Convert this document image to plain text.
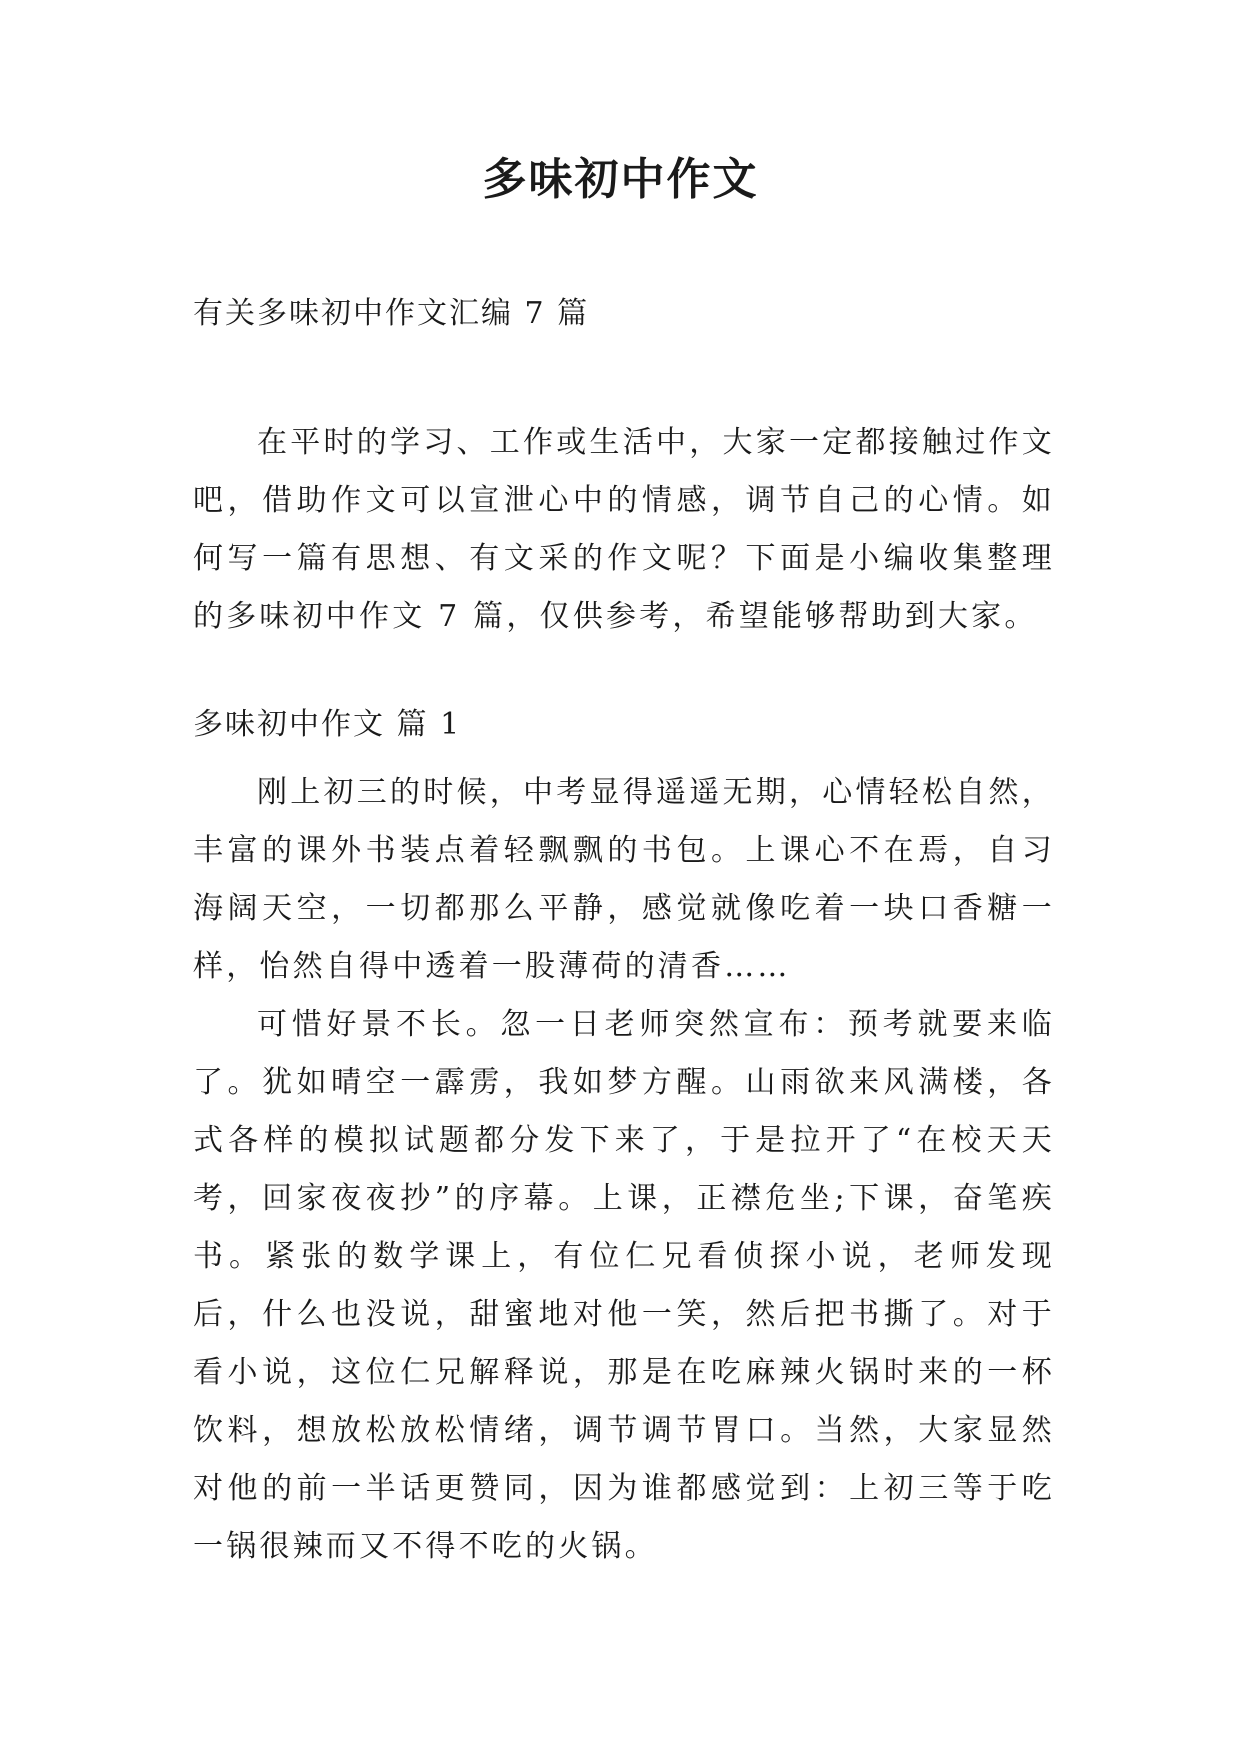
多味初中作文
有关多味初中作文汇编 7 篇

在平时的学习、工作或生活中，大家一定都接触过作文吧，借助作文可以宣泄心中的情感，调节自己的心情。如何写一篇有思想、有文采的作文呢？下面是小编收集整理的多味初中作文 7 篇，仅供参考，希望能够帮助到大家。

多味初中作文 篇 1

刚上初三的时候，中考显得遥遥无期，心情轻松自然，丰富的课外书装点着轻飘飘的书包。上课心不在焉，自习海阔天空，一切都那么平静，感觉就像吃着一块口香糖一样，怡然自得中透着一股薄荷的清香……

可惜好景不长。忽一日老师突然宣布：预考就要来临了。犹如晴空一霹雳，我如梦方醒。山雨欲来风满楼，各式各样的模拟试题都分发下来了，于是拉开了“在校天天考，回家夜夜抄”的序幕。上课，正襟危坐;下课，奋笔疾书。紧张的数学课上，有位仁兄看侦探小说，老师发现后，什么也没说，甜蜜地对他一笑，然后把书撕了。对于看小说，这位仁兄解释说，那是在吃麻辣火锅时来的一杯饮料，想放松放松情绪，调节调节胃口。当然，大家显然对他的前一半话更赞同，因为谁都感觉到：上初三等于吃一锅很辣而又不得不吃的火锅。
